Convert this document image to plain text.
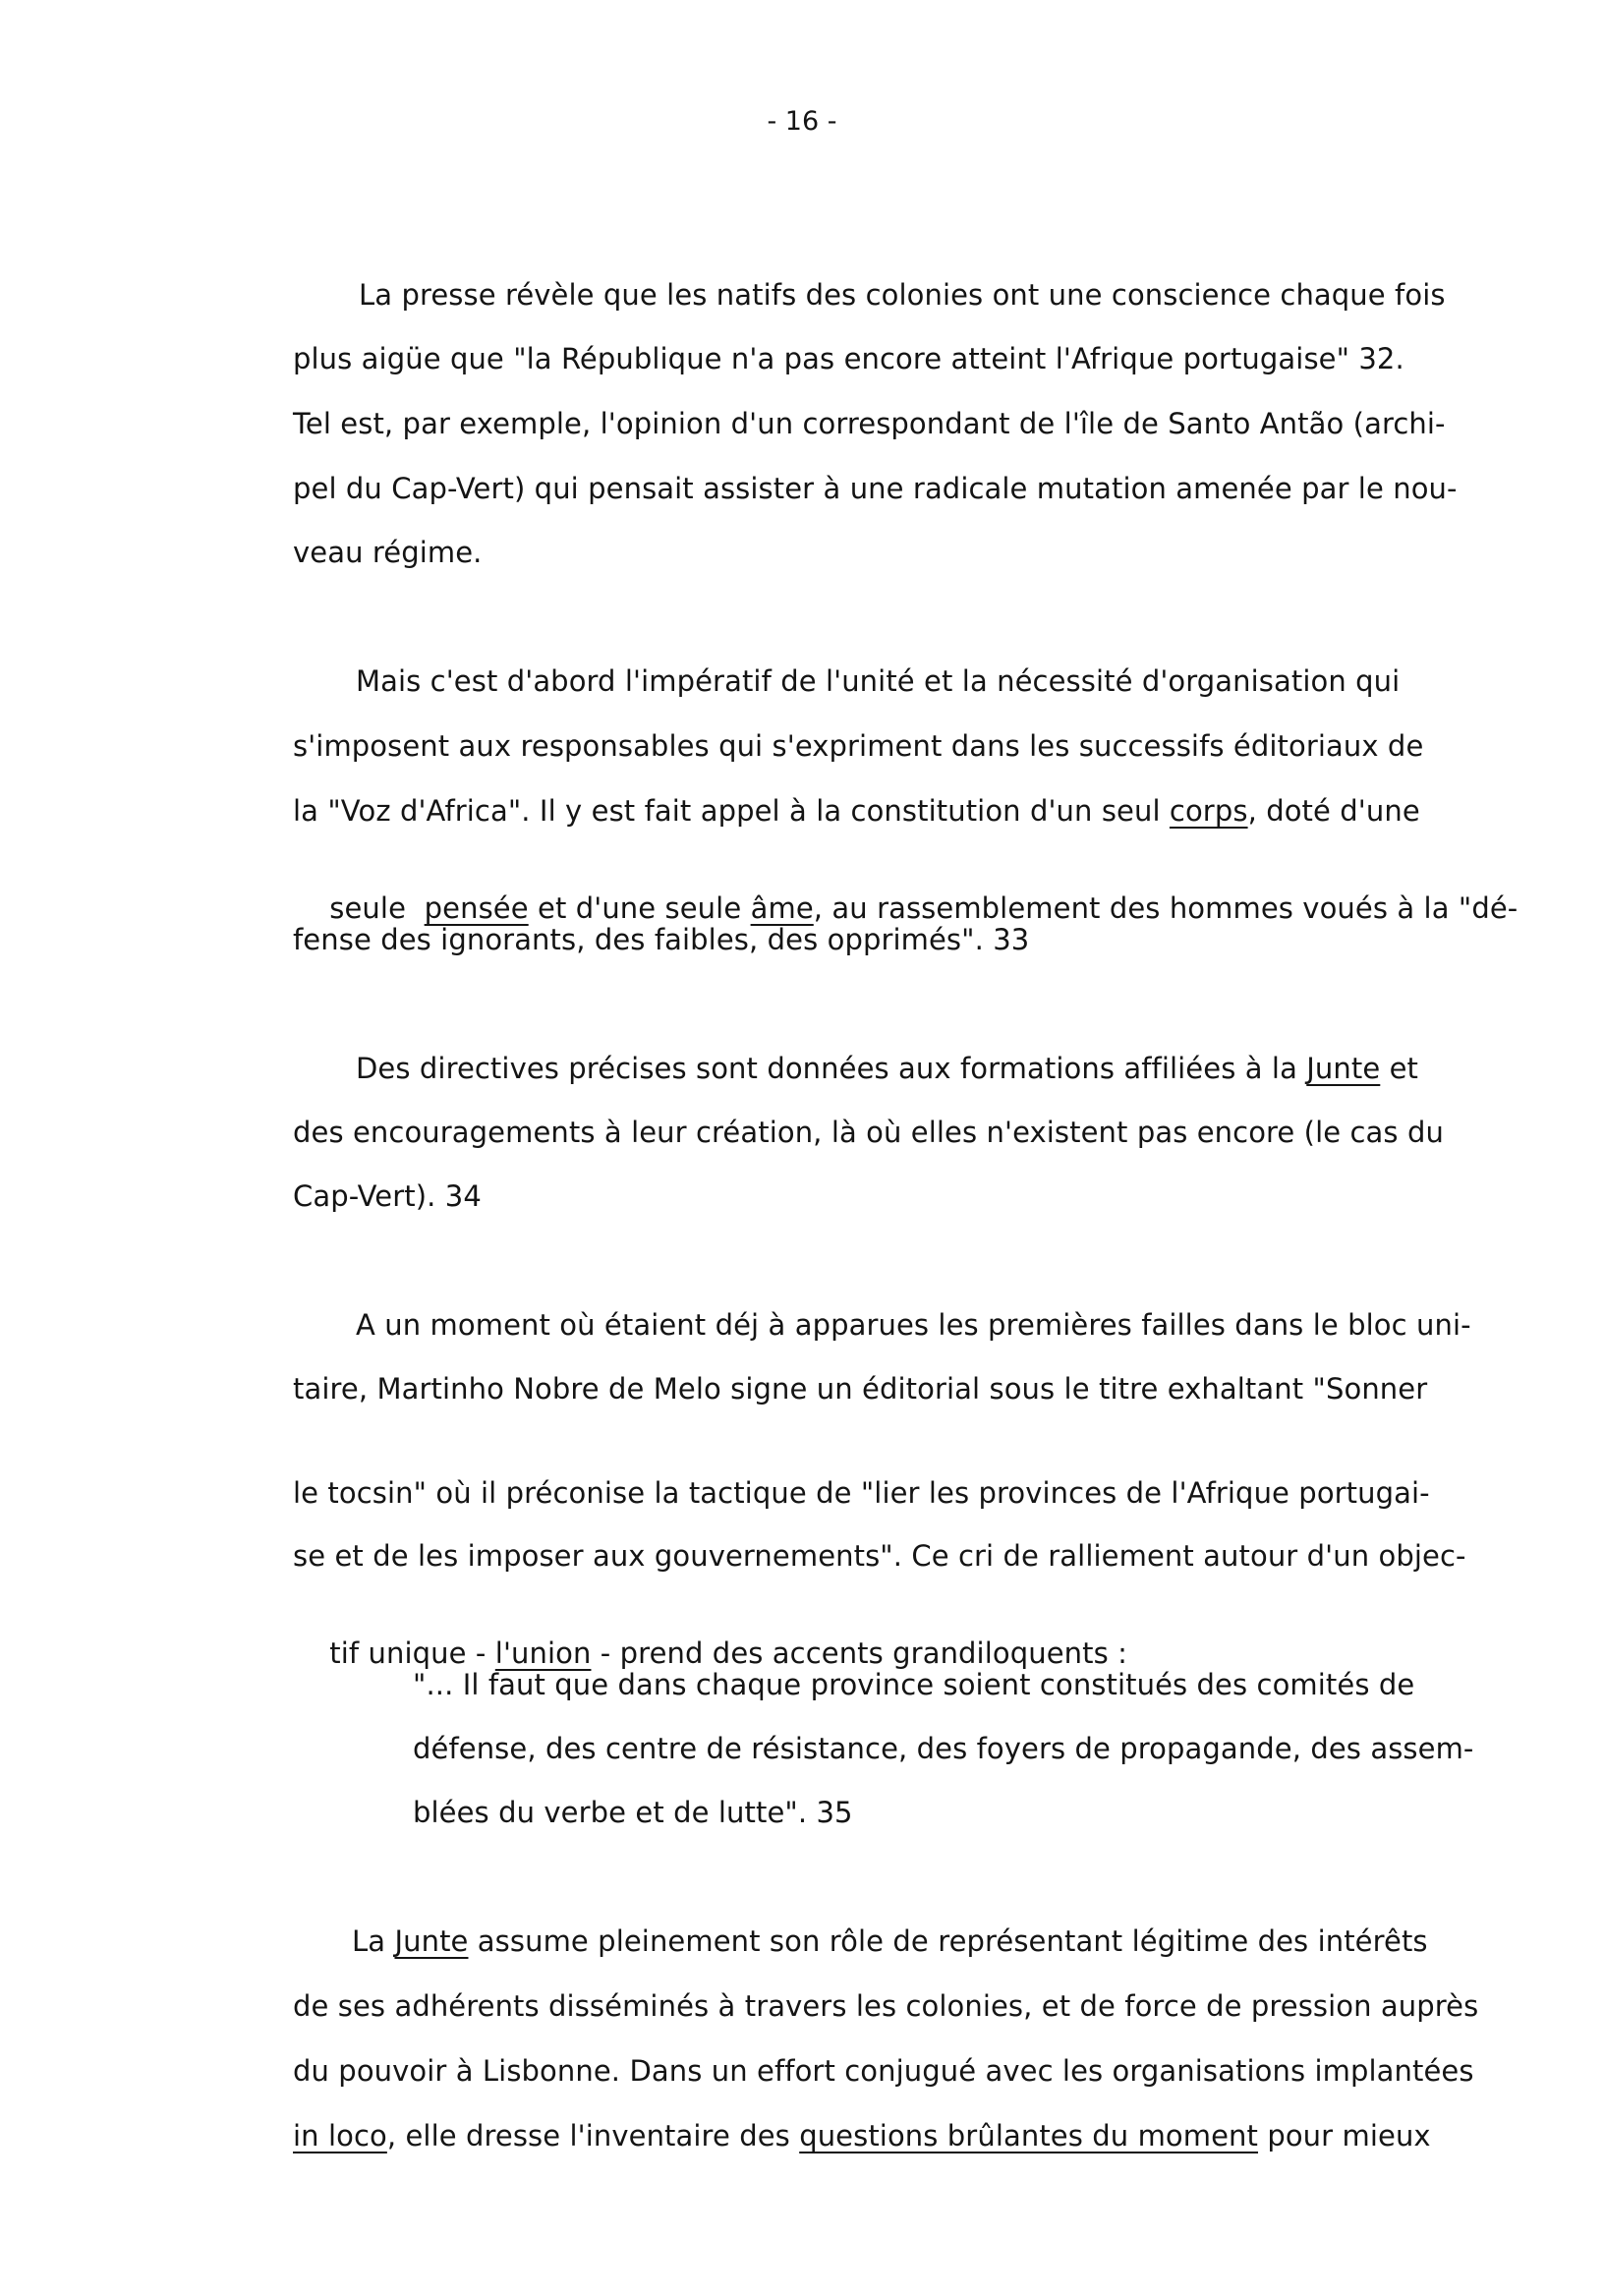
- 16 -
La presse révèle que les natifs des colonies ont une conscience chaque fois
plus aigüe que "la République n'a pas encore atteint l'Afrique portugaise" 32.
Tel est, par exemple, l'opinion d'un correspondant de l'île de Santo Antão (archi-
pel du Cap-Vert) qui pensait assister à une radicale mutation amenée par le nou-
veau régime.
Mais c'est d'abord l'impératif de l'unité et la nécessité d'organisation qui
s'imposent aux responsables qui s'expriment dans les successifs éditoriaux de
la "Voz d'Africa". Il y est fait appel à la constitution d'un seul corps, doté d'une

seule  pensée et d'une seule âme, au rassemblement des hommes voués à la "dé-

fense des ignorants, des faibles, des opprimés". 33
Des directives précises sont données aux formations affiliées à la Junte et
des encouragements à leur création, là où elles n'existent pas encore (le cas du
Cap-Vert). 34
A un moment où étaient déj à apparues les premières failles dans le bloc uni-
taire, Martinho Nobre de Melo signe un éditorial sous le titre exhaltant "Sonner
le tocsin" où il préconise la tactique de "lier les provinces de l'Afrique portugai-
se et de les imposer aux gouvernements". Ce cri de ralliement autour d'un objec-

tif unique - l'union - prend des accents grandiloquents :

"... Il faut que dans chaque province soient constitués des comités de
défense, des centre de résistance, des foyers de propagande, des assem-
blées du verbe et de lutte". 35
La Junte assume pleinement son rôle de représentant légitime des intérêts
de ses adhérents disséminés à travers les colonies, et de force de pression auprès
du pouvoir à Lisbonne. Dans un effort conjugué avec les organisations implantées
in loco, elle dresse l'inventaire des questions brûlantes du moment pour mieux
